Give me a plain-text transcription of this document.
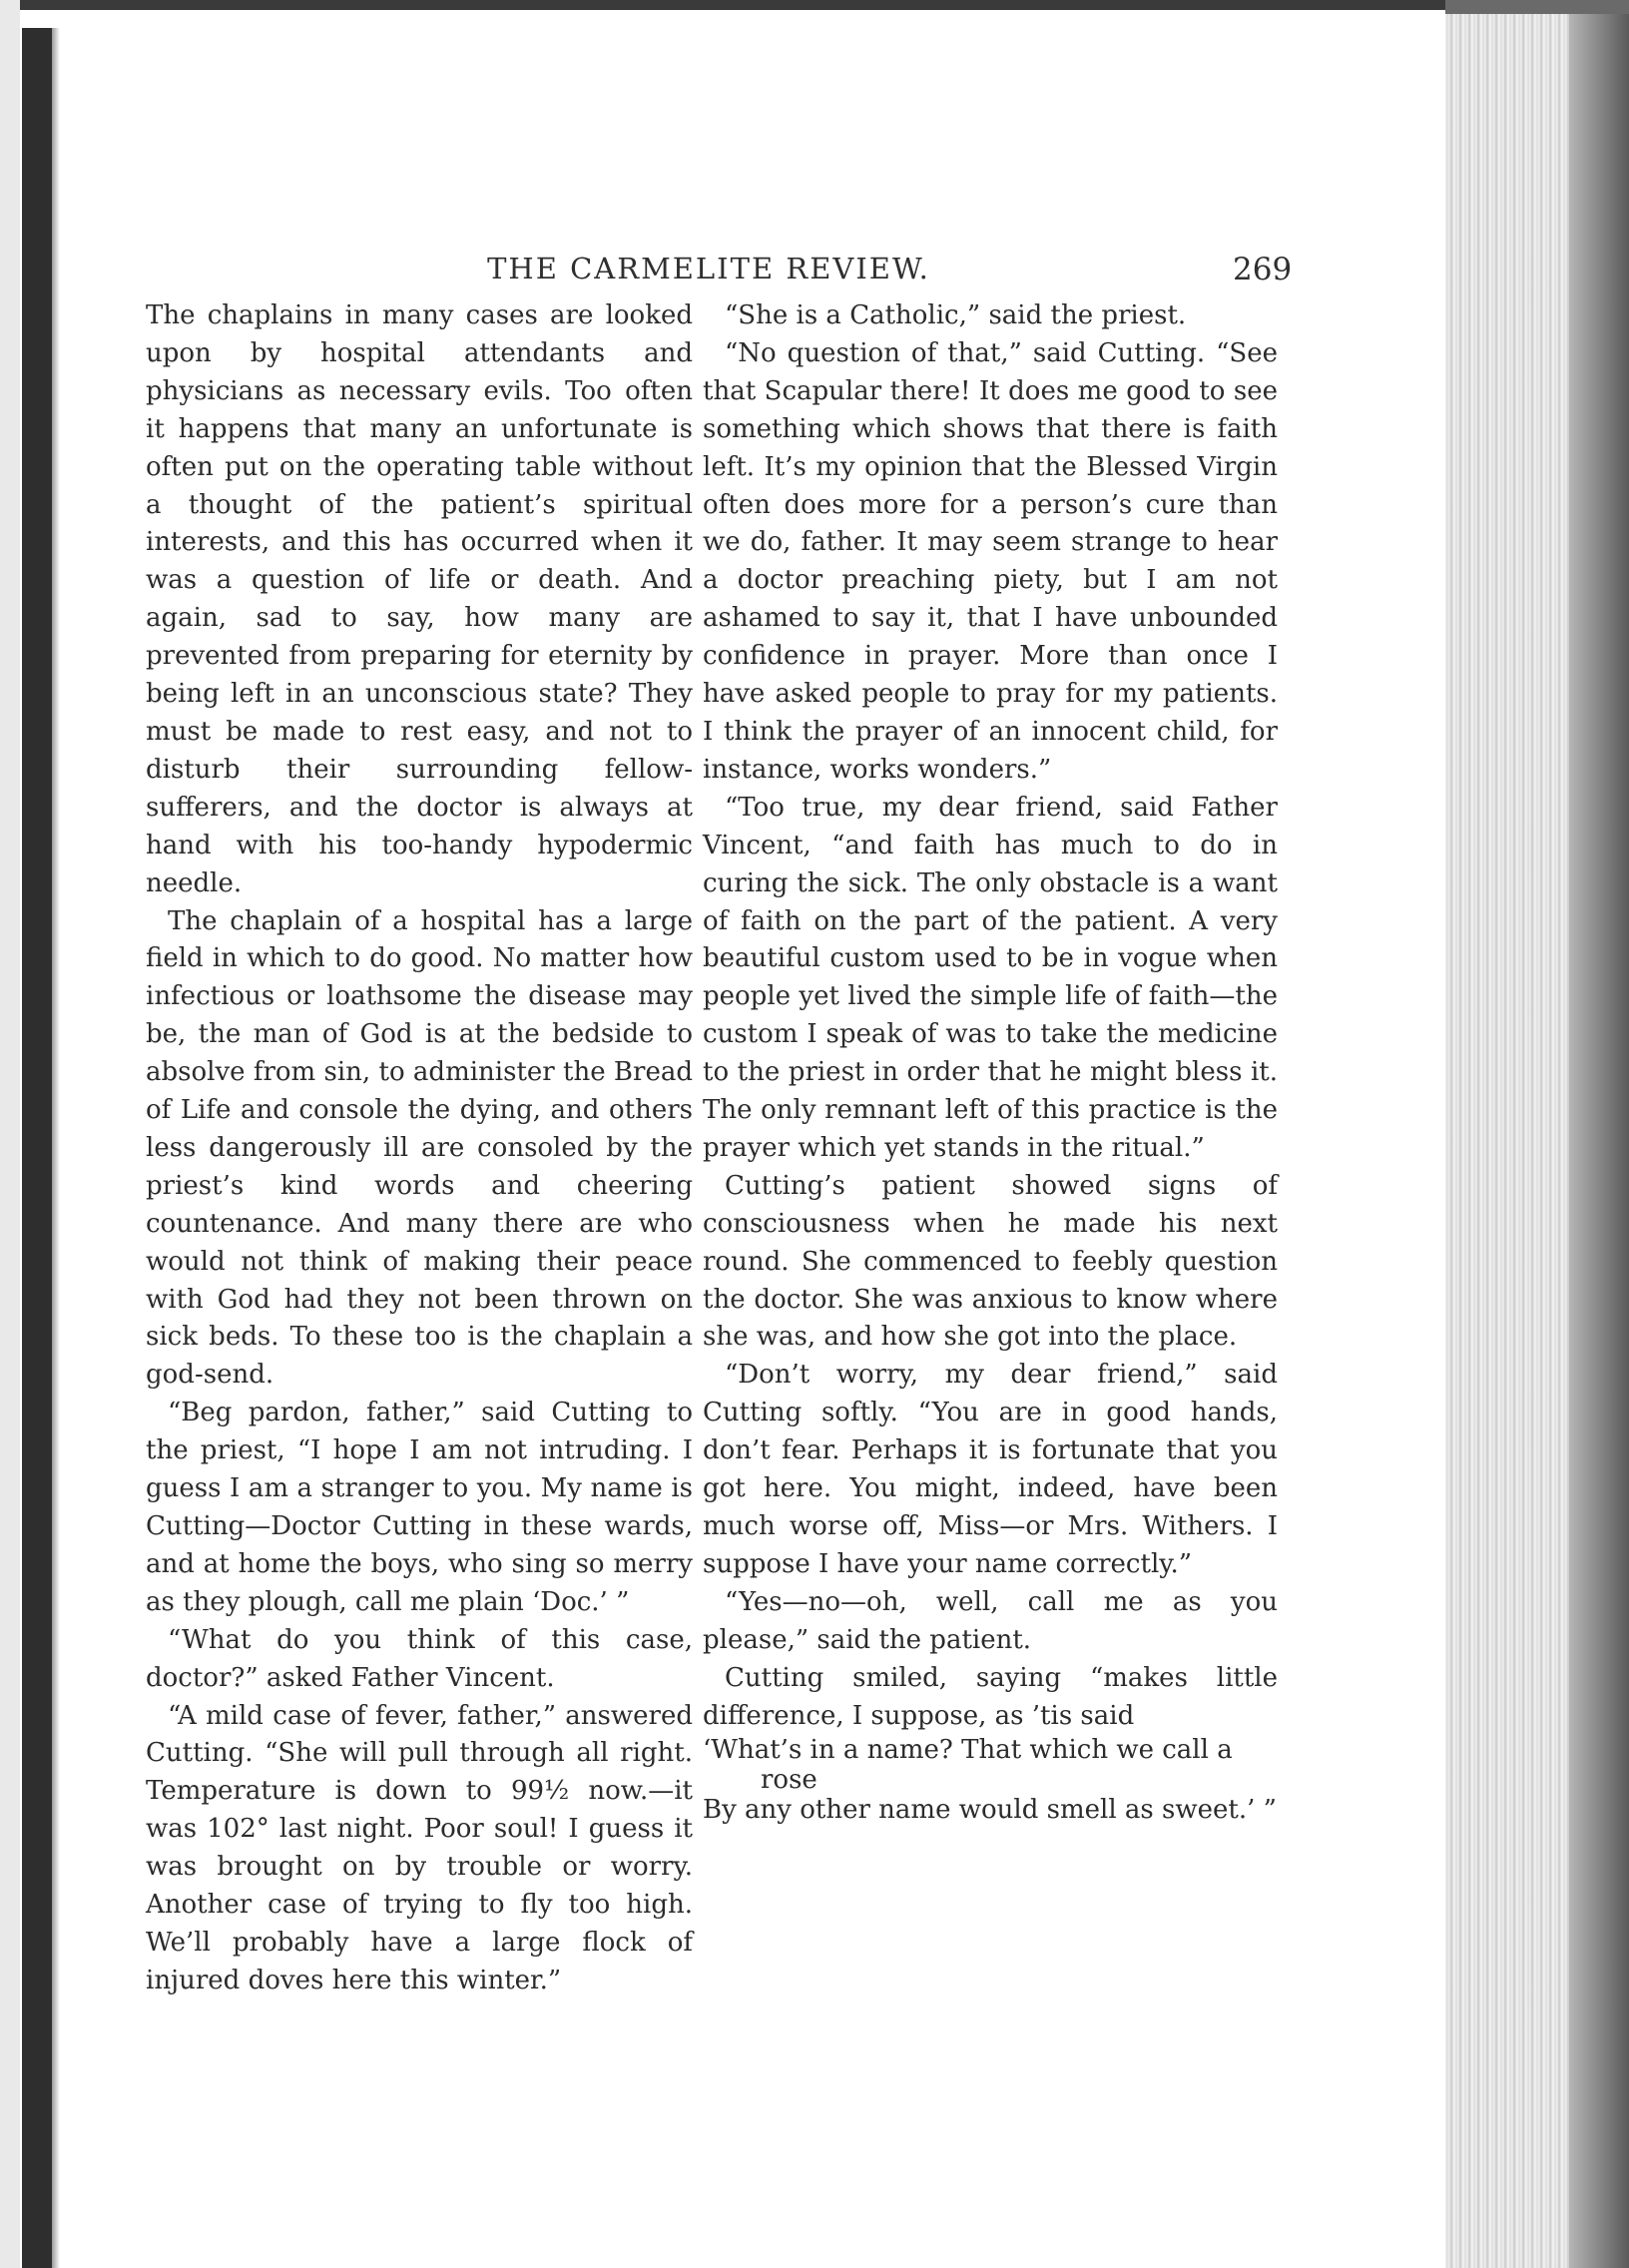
THE CARMELITE REVIEW.	269

The chaplains in many cases are looked upon by hospital attendants and physicians as necessary evils. Too often it happens that many an unfortunate is often put on the operating table without a thought of the patient’s spiritual interests, and this has occurred when it was a question of life or death. And again, sad to say, how many are prevented from preparing for eternity by being left in an unconscious state? They must be made to rest easy, and not to disturb their surrounding fellow-sufferers, and the doctor is always at hand with his too-handy hypodermic needle.

The chaplain of a hospital has a large field in which to do good. No matter how infectious or loathsome the disease may be, the man of God is at the bedside to absolve from sin, to administer the Bread of Life and console the dying, and others less dangerously ill are consoled by the priest’s kind words and cheering countenance. And many there are who would not think of making their peace with God had they not been thrown on sick beds. To these too is the chaplain a god-send.

“Beg pardon, father,” said Cutting to the priest, “I hope I am not intruding. I guess I am a stranger to you. My name is Cutting—Doctor Cutting in these wards, and at home the boys, who sing so merry as they plough, call me plain ‘Doc.’ ”

“What do you think of this case, doctor?” asked Father Vincent.

“A mild case of fever, father,” answered Cutting. “She will pull through all right. Temperature is down to 99½ now.—it was 102° last night. Poor soul! I guess it was brought on by trouble or worry. Another case of trying to fly too high. We’ll probably have a large flock of injured doves here this winter.”

“She is a Catholic,” said the priest.

“No question of that,” said Cutting. “See that Scapular there! It does me good to see something which shows that there is faith left. It’s my opinion that the Blessed Virgin often does more for a person’s cure than we do, father. It may seem strange to hear a doctor preaching piety, but I am not ashamed to say it, that I have unbounded confidence in prayer. More than once I have asked people to pray for my patients. I think the prayer of an innocent child, for instance, works wonders.”

“Too true, my dear friend, said Father Vincent, “and faith has much to do in curing the sick. The only obstacle is a want of faith on the part of the patient. A very beautiful custom used to be in vogue when people yet lived the simple life of faith—the custom I speak of was to take the medicine to the priest in order that he might bless it. The only remnant left of this practice is the prayer which yet stands in the ritual.”

Cutting’s patient showed signs of consciousness when he made his next round. She commenced to feebly question the doctor. She was anxious to know where she was, and how she got into the place.

“Don’t worry, my dear friend,” said Cutting softly. “You are in good hands, don’t fear. Perhaps it is fortunate that you got here. You might, indeed, have been much worse off, Miss—or Mrs. Withers. I suppose I have your name correctly.”

“Yes—no—oh, well, call me as you please,” said the patient.

Cutting smiled, saying “makes little difference, I suppose, as ’tis said

‘What’s in a name? That which we call a rose

By any other name would smell as sweet.’ ”
